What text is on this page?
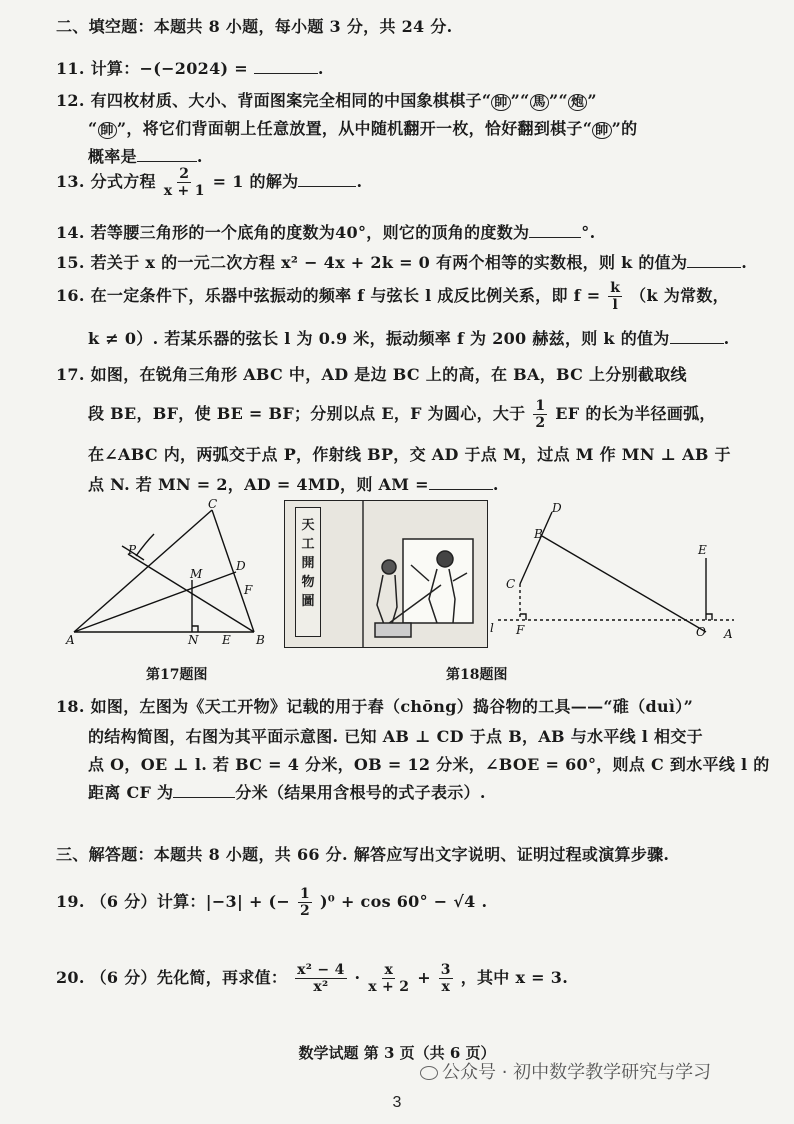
二、填空题：本题共 8 小题，每小题 3 分，共 24 分.
11. 计算：−(−2024) =	.
12. 有四枚材质、大小、背面图案完全相同的中国象棋棋子“ 帥 ”“ 馬 ”“ 炮 ”
“ 帥 ”，将它们背面朝上任意放置，从中随机翻开一枚，恰好翻到棋子“ 帥 ”的
概率是	.
13. 分式方程 $\frac{2}{x + 1} = 1$ 的解为	.
14. 若等腰三角形的一个底角的度数为40°，则它的顶角的度数为	°.
15. 若关于 x 的一元二次方程 x² − 4x + 2k = 0 有两个相等的实数根，则 k 的值为	.
16. 在一定条件下，乐器中弦振动的频率 f 与弦长 l 成反比例关系，即 $f = \frac{k}{l} (k$ 为常数，
k ≠ 0）. 若某乐器的弦长 l 为 0.9 米，振动频率 f 为 200 赫兹，则 k 的值为	.
17. 如图，在锐角三角形 ABC 中，AD 是边 BC 上的高，在 BA，BC 上分别截取线
段 BE，BF，使 BE = BF；分别以点 E，F 为圆心，大于 $\frac{1}{2}$ EF 的长为半径画弧，
在∠ABC 内，两弧交于点 P，作射线 BP，交 AD 于点 M，过点 M 作 MN ⊥ AB 于
点 N. 若 MN = 2，AD = 4MD，则 AM =	.
A	B
C
D
E
F
M
N
P
天
工
開
物
圖
D
B
C
F
l
E
O A
第17题图	第18题图
18. 如图，左图为《天工开物》记载的用于舂（chōng）捣谷物的工具——“碓（duì）”
的结构简图，右图为其平面示意图. 已知 AB ⊥ CD 于点 B，AB 与水平线 l 相交于
点 O，OE ⊥ l. 若 BC = 4 分米，OB = 12 分米，∠BOE = 60°，则点 C 到水平线 l 的
距离 CF 为	分米（结果用含根号的式子表示）.
三、解答题：本题共 8 小题，共 66 分. 解答应写出文字说明、证明过程或演算步骤.
19. （6 分）计算：|−3| + (− $\frac{1}{2} )^0 + \cos 60^\circ - √4$ .
20. （6 分）先化简，再求值： $\frac{\text{x² − 4}}{\text{x²}} \cdot \frac{x}{x + 2} + \frac{3}{x}$ ，其中 x = 3.
数学试题 第 3 页（共 6 页）
公众号 · 初中数学教学研究与学习
3
